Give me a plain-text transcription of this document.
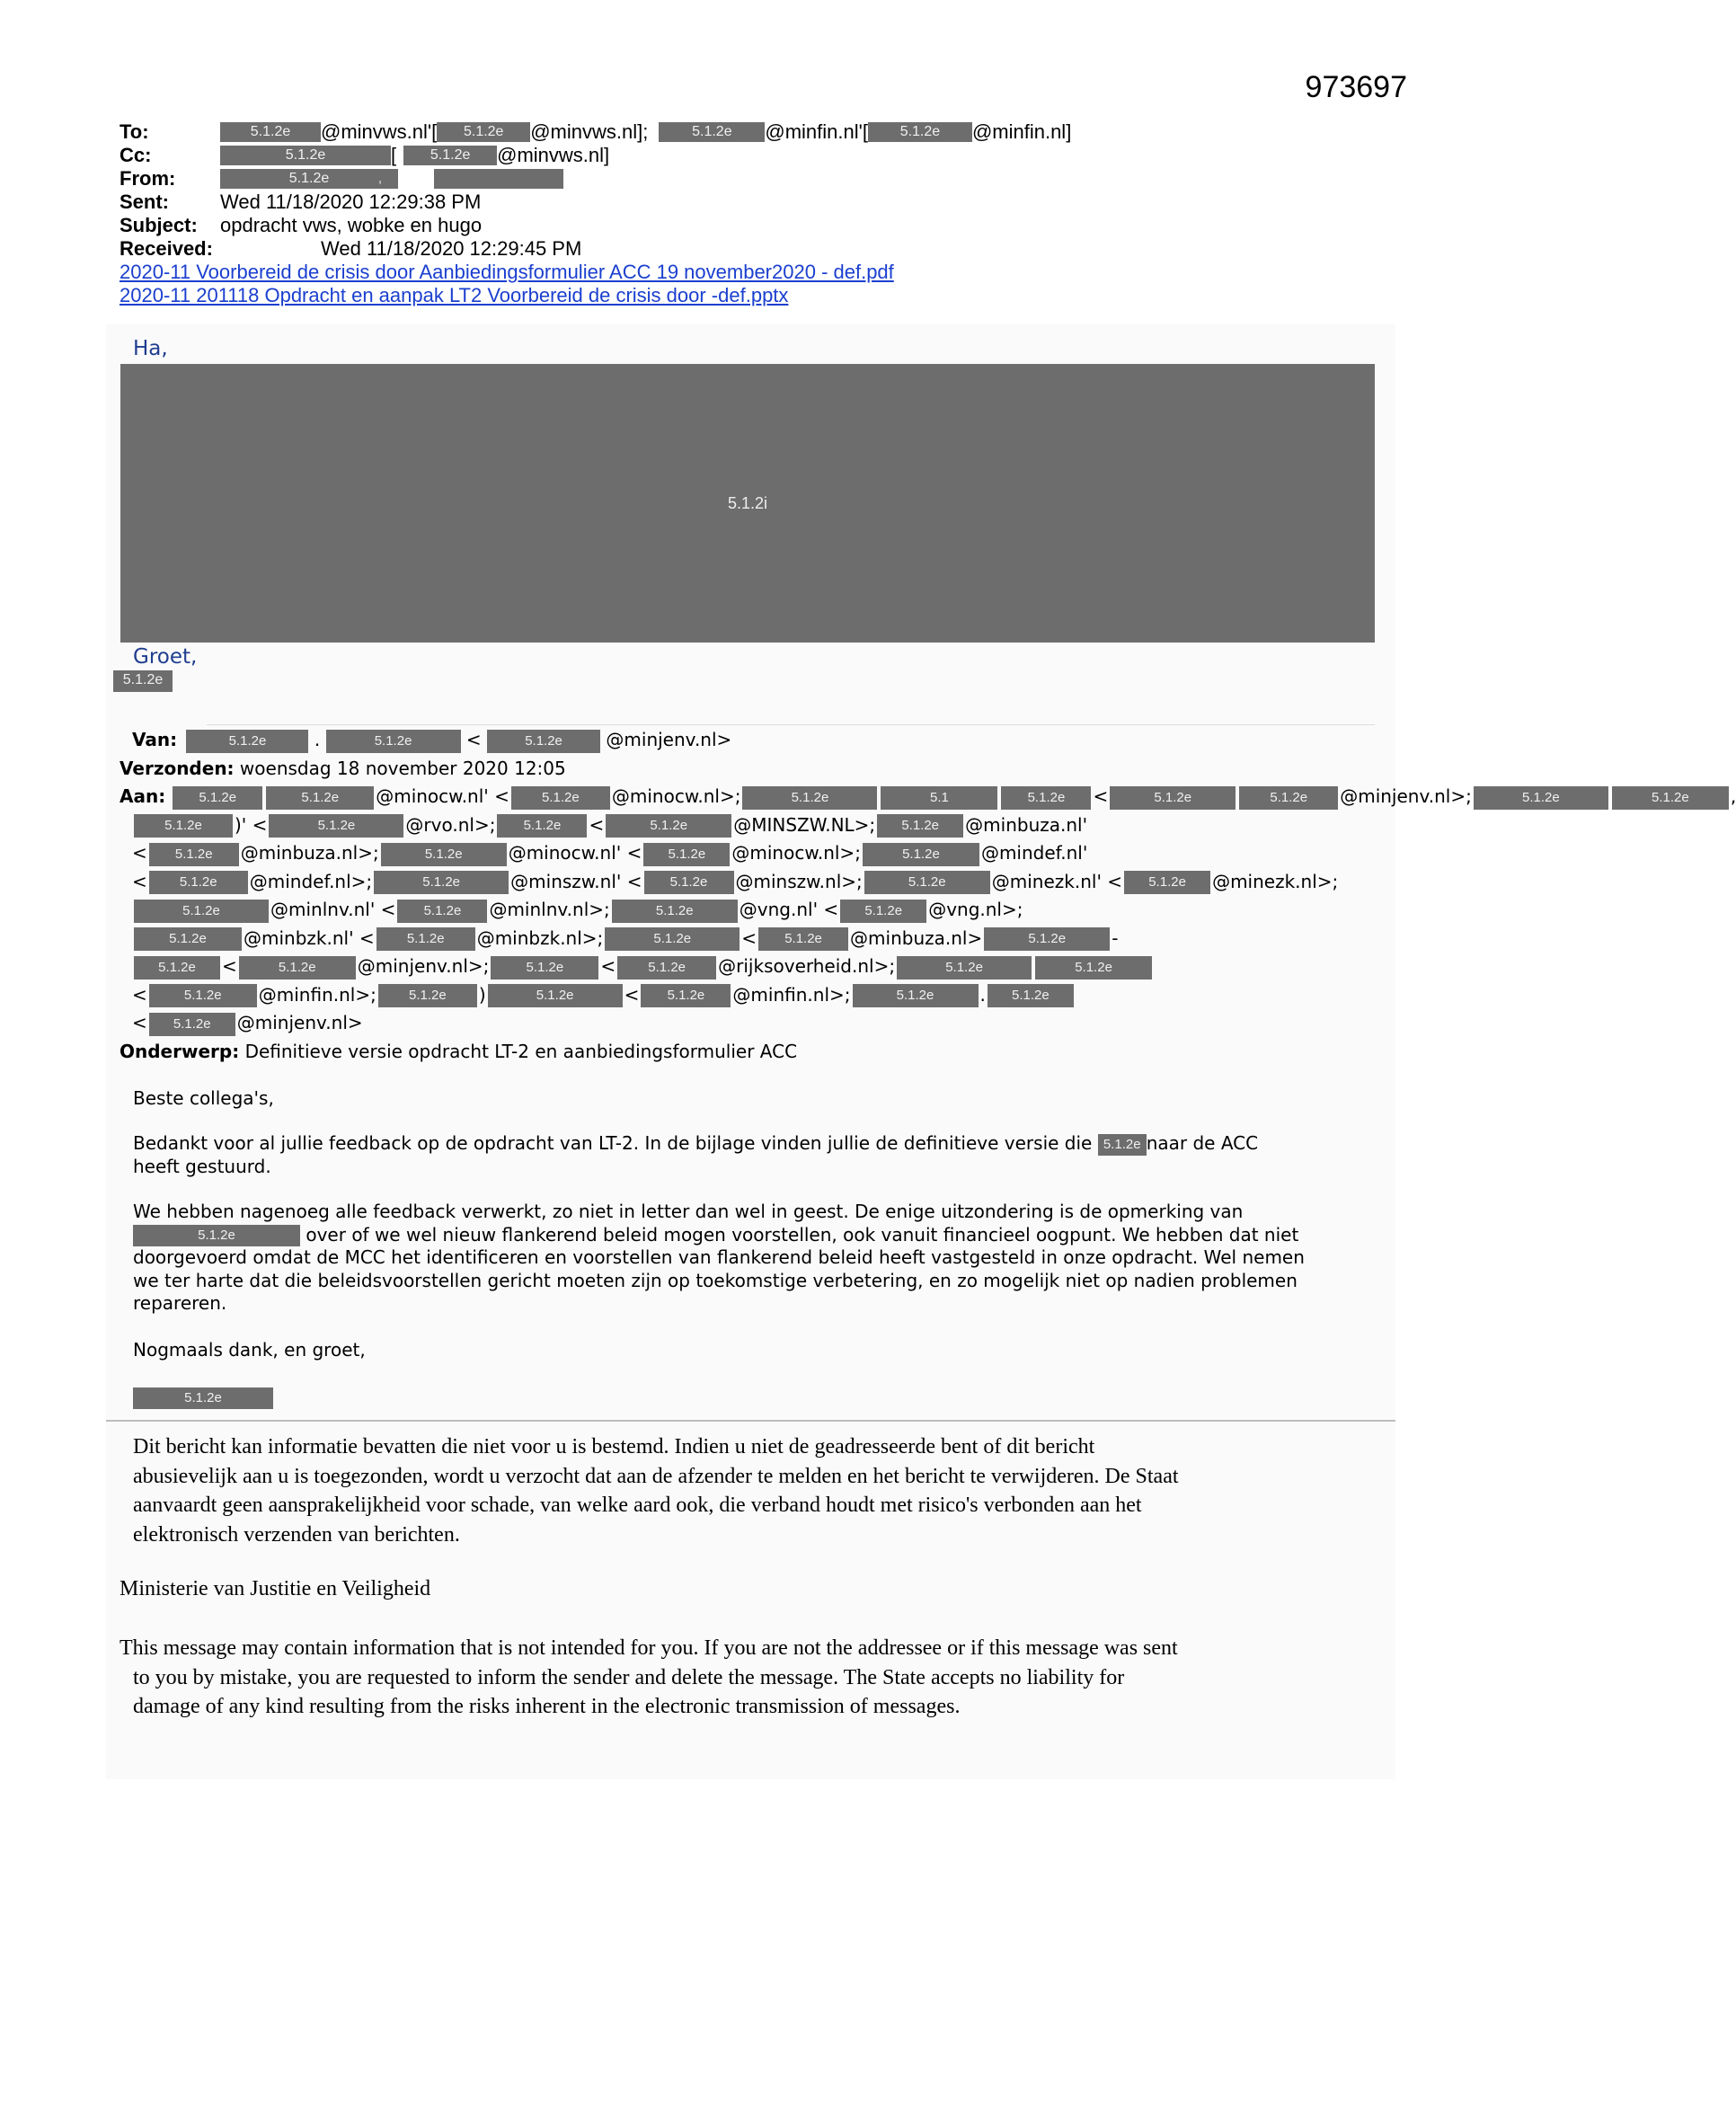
973697
To:	5.1.2e	@minvws.nl'[	5.1.2e	@minvws.nl];	5.1.2e	@minfin.nl'[	5.1.2e	@minfin.nl]
Cc:	5.1.2e	[	5.1.2e	@minvws.nl]
From:	5.1.2e	,
Sent:	Wed 11/18/2020 12:29:38 PM
Subject:	opdracht vws, wobke en hugo
Received:	Wed 11/18/2020 12:29:45 PM
2020-11 Voorbereid de crisis door Aanbiedingsformulier ACC 19 november2020 - def.pdf
2020-11 201118 Opdracht en aanpak LT2 Voorbereid de crisis door -def.pptx
Ha,
5.1.2i
Groet,
5.1.2e
Van:	5.1.2e	.	5.1.2e	<	5.1.2e @minjenv.nl>
Verzonden: woensdag 18 november 2020 12:05
Aan: 5.1.2e	5.1.2e @minocw.nl' < 5.1.2e @minocw.nl>;	5.1.2e	5.1	5.1.2e <	5.1.2e	5.1.2e @minjenv.nl>;	5.1.2e	5.1.2e ,
5.1.2e )' <	5.1.2e	@rvo.nl>; 5.1.2e <	5.1.2e	@MINSZW.NL>; 5.1.2e @minbuza.nl'
< 5.1.2e @minbuza.nl>;	5.1.2e	@minocw.nl' < 5.1.2e @minocw.nl>;	5.1.2e @mindef.nl'
< 5.1.2e @mindef.nl>;	5.1.2e	@minszw.nl' < 5.1.2e @minszw.nl>;	5.1.2e	@minezk.nl' < 5.1.2e @minezk.nl>;
5.1.2e	@minlnv.nl' < 5.1.2e @minlnv.nl>;	5.1.2e	@vng.nl' < 5.1.2e @vng.nl>;
5.1.2e @minbzk.nl' < 5.1.2e @minbzk.nl>;	5.1.2e	< 5.1.2e @minbuza.nl>	5.1.2e	-
5.1.2e <	5.1.2e @minjenv.nl>;	5.1.2e < 5.1.2e @rijksoverheid.nl>;	5.1.2e	5.1.2e
<	5.1.2e @minfin.nl>; 5.1.2e )	5.1.2e	< 5.1.2e @minfin.nl>;	5.1.2e	. 5.1.2e
< 5.1.2e @minjenv.nl>
Onderwerp: Definitieve versie opdracht LT-2 en aanbiedingsformulier ACC
Beste collega's,
Bedankt voor al jullie feedback op de opdracht van LT-2. In de bijlage vinden jullie de definitieve versie die 5.1.2e naar de ACC
heeft gestuurd.
We hebben nagenoeg alle feedback verwerkt, zo niet in letter dan wel in geest. De enige uitzondering is de opmerking van
5.1.2e	over of we wel nieuw flankerend beleid mogen voorstellen, ook vanuit financieel oogpunt. We hebben dat niet
doorgevoerd omdat de MCC het identificeren en voorstellen van flankerend beleid heeft vastgesteld in onze opdracht. Wel nemen
we ter harte dat die beleidsvoorstellen gericht moeten zijn op toekomstige verbetering, en zo mogelijk niet op nadien problemen
repareren.
Nogmaals dank, en groet,
5.1.2e
Dit bericht kan informatie bevatten die niet voor u is bestemd. Indien u niet de geadresseerde bent of dit bericht
abusievelijk aan u is toegezonden, wordt u verzocht dat aan de afzender te melden en het bericht te verwijderen. De Staat
aanvaardt geen aansprakelijkheid voor schade, van welke aard ook, die verband houdt met risico's verbonden aan het
elektronisch verzenden van berichten.
Ministerie van Justitie en Veiligheid
This message may contain information that is not intended for you. If you are not the addressee or if this message was sent
to you by mistake, you are requested to inform the sender and delete the message. The State accepts no liability for
damage of any kind resulting from the risks inherent in the electronic transmission of messages.
